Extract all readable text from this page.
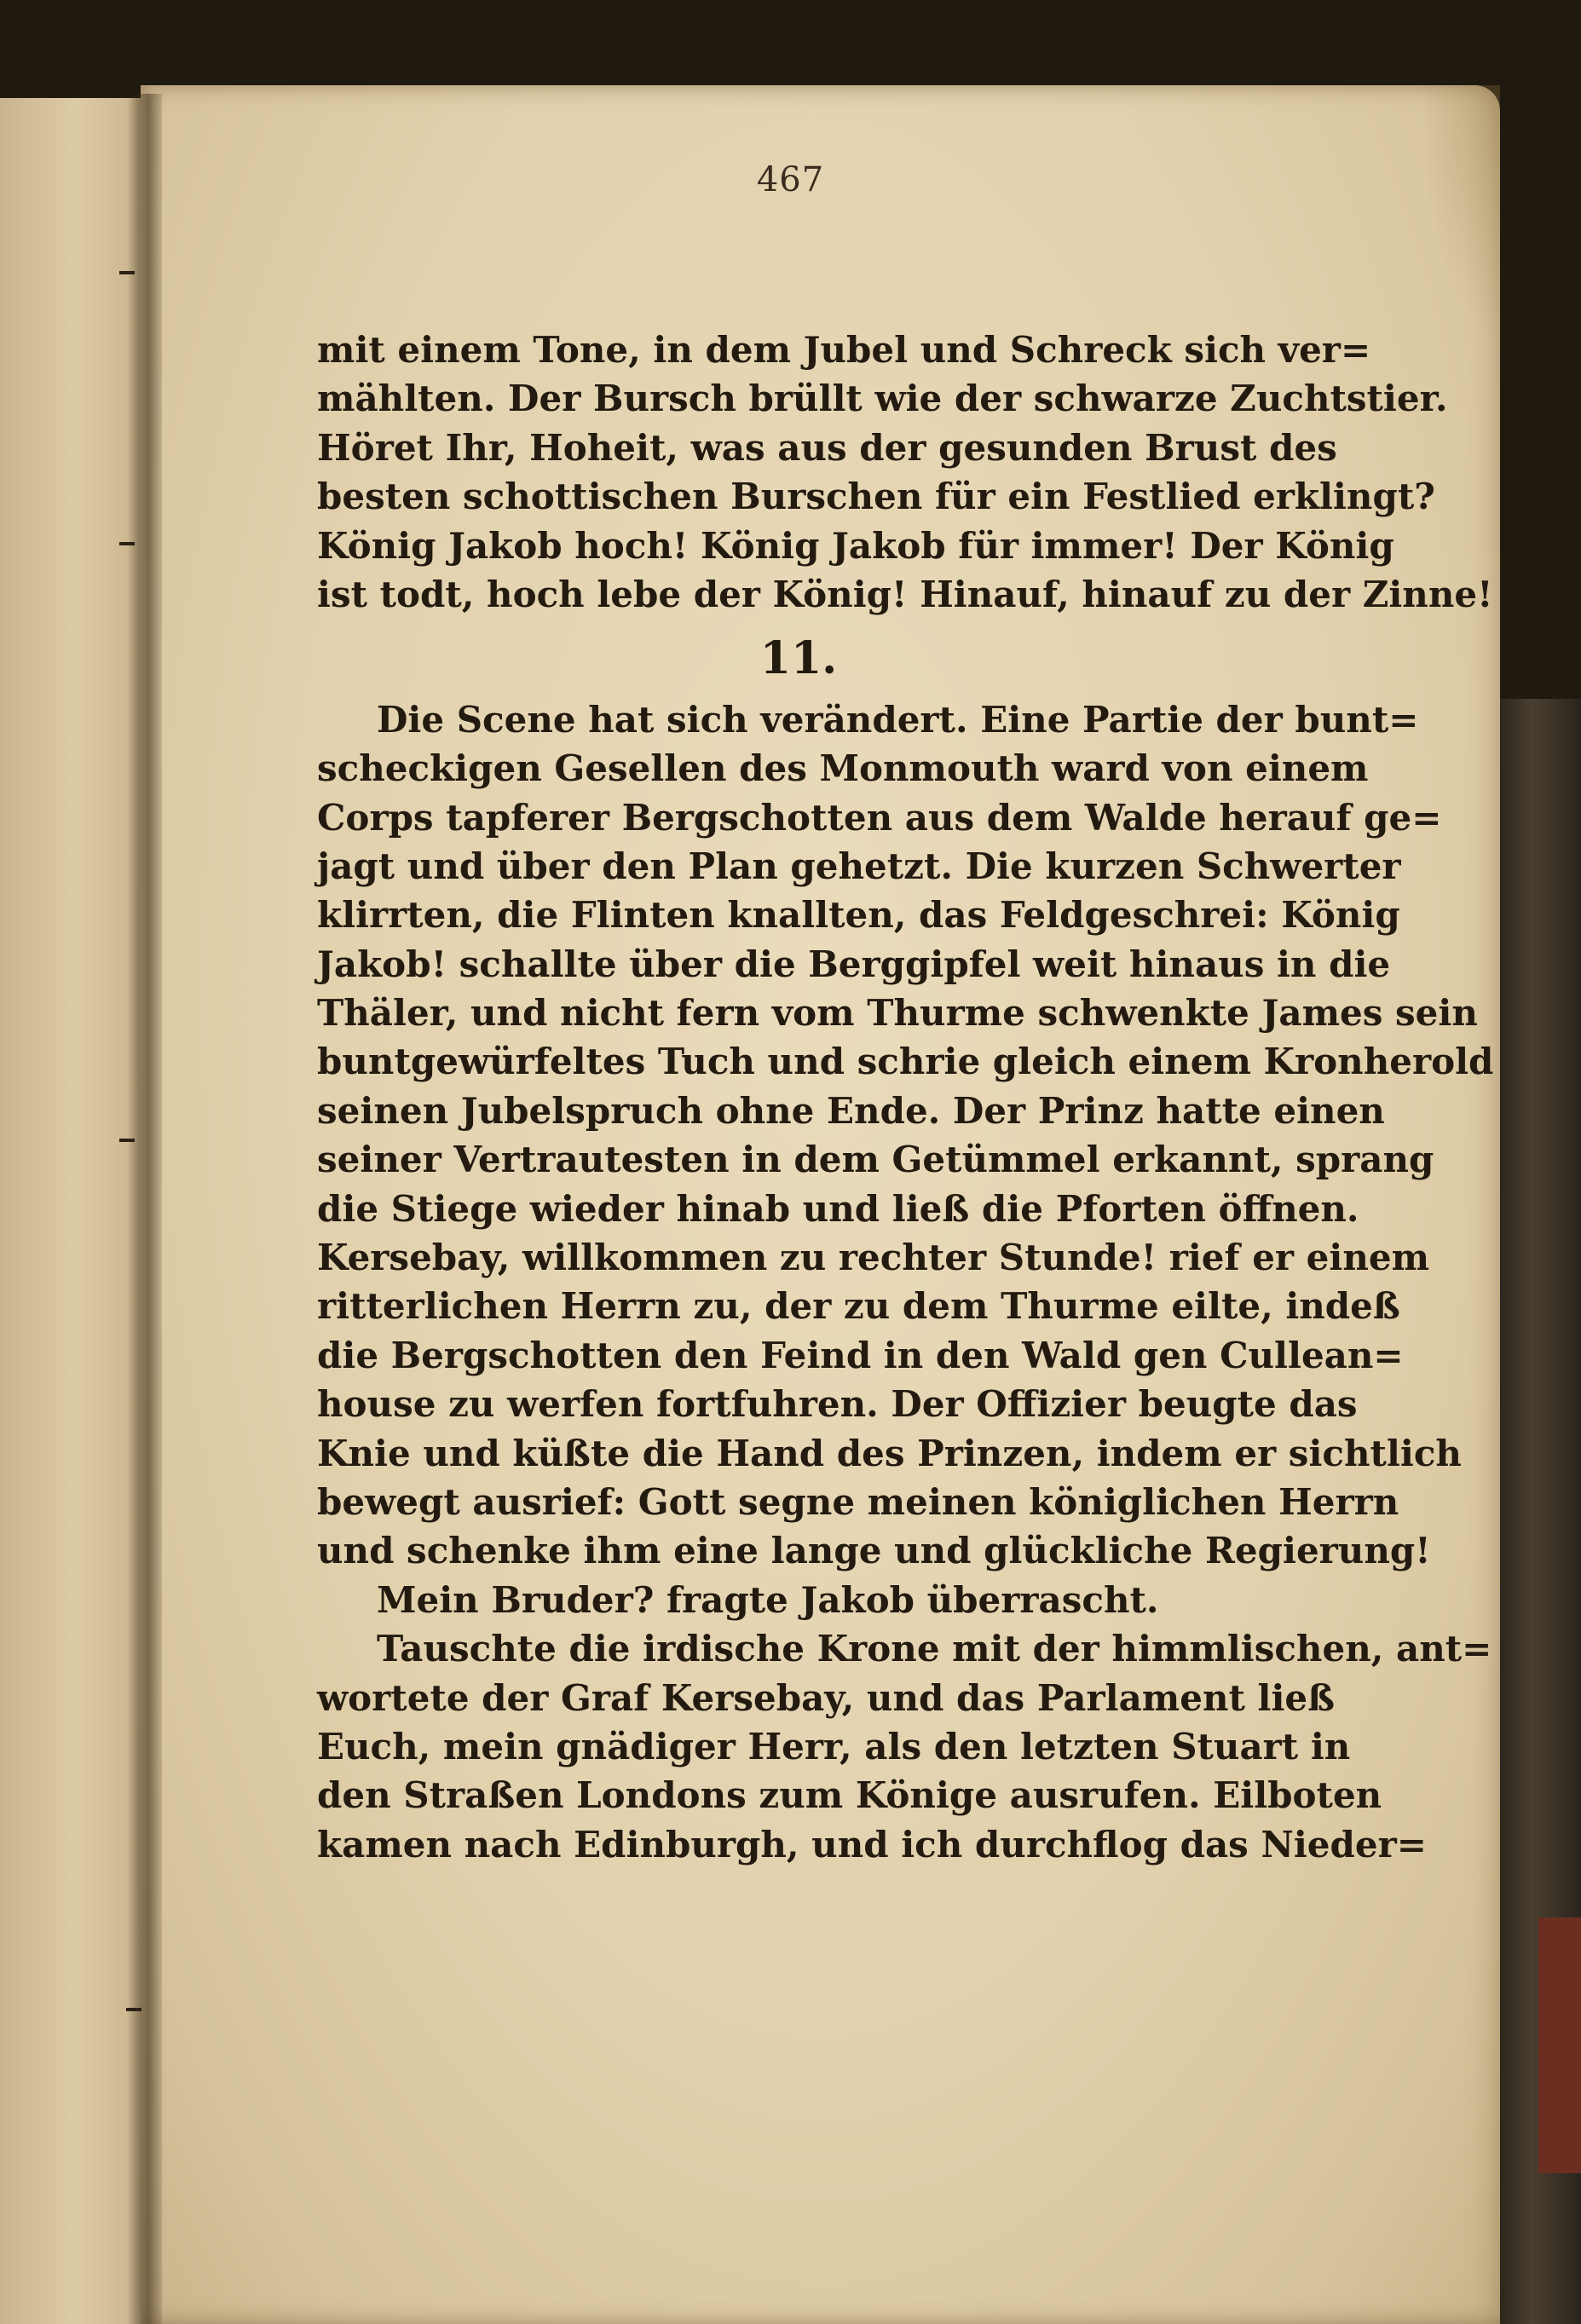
467
mit einem Tone, in dem Jubel und Schreck sich ver=
mählten. Der Bursch brüllt wie der schwarze Zuchtstier.
Höret Ihr, Hoheit, was aus der gesunden Brust des
besten schottischen Burschen für ein Festlied erklingt?
König Jakob hoch! König Jakob für immer! Der König
ist todt, hoch lebe der König! Hinauf, hinauf zu der Zinne!
11.
Die Scene hat sich verändert. Eine Partie der bunt=
scheckigen Gesellen des Monmouth ward von einem
Corps tapferer Bergschotten aus dem Walde herauf ge=
jagt und über den Plan gehetzt. Die kurzen Schwerter
klirrten, die Flinten knallten, das Feldgeschrei: König
Jakob! schallte über die Berggipfel weit hinaus in die
Thäler, und nicht fern vom Thurme schwenkte James sein
buntgewürfeltes Tuch und schrie gleich einem Kronherold
seinen Jubelspruch ohne Ende. Der Prinz hatte einen
seiner Vertrautesten in dem Getümmel erkannt, sprang
die Stiege wieder hinab und ließ die Pforten öffnen.
Kersebay, willkommen zu rechter Stunde! rief er einem
ritterlichen Herrn zu, der zu dem Thurme eilte, indeß
die Bergschotten den Feind in den Wald gen Cullean=
house zu werfen fortfuhren. Der Offizier beugte das
Knie und küßte die Hand des Prinzen, indem er sichtlich
bewegt ausrief: Gott segne meinen königlichen Herrn
und schenke ihm eine lange und glückliche Regierung!
Mein Bruder? fragte Jakob überrascht.
Tauschte die irdische Krone mit der himmlischen, ant=
wortete der Graf Kersebay, und das Parlament ließ
Euch, mein gnädiger Herr, als den letzten Stuart in
den Straßen Londons zum Könige ausrufen. Eilboten
kamen nach Edinburgh, und ich durchflog das Nieder=
